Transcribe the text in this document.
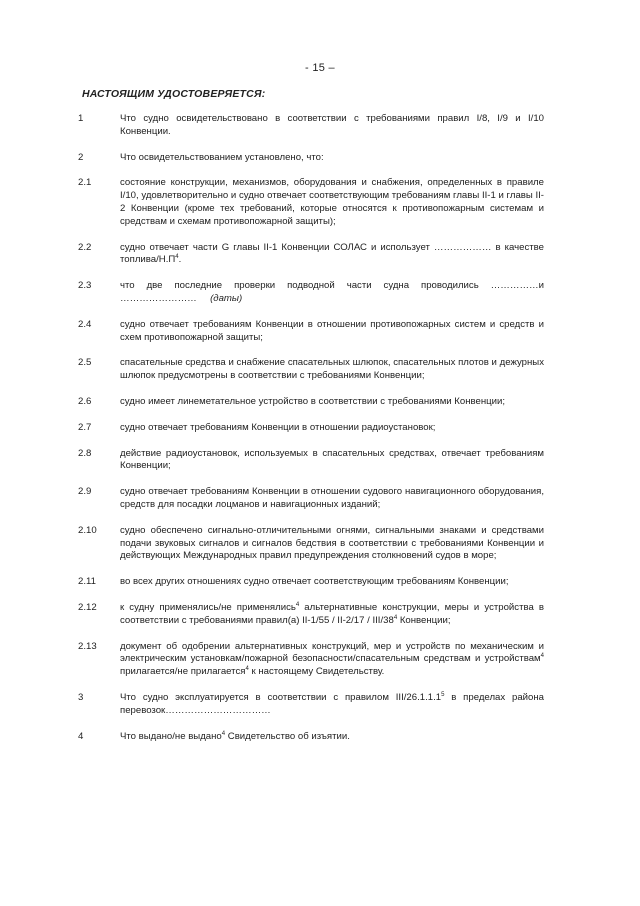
- 15 –
НАСТОЯЩИМ УДОСТОВЕРЯЕТСЯ:
1	Что судно освидетельствовано в соответствии с требованиями правил I/8, I/9 и I/10 Конвенции.
2	Что освидетельствованием установлено, что:
2.1	состояние конструкции, механизмов, оборудования и снабжения, определенных в правиле I/10, удовлетворительно и судно отвечает соответствующим требованиям главы II-1 и главы II-2 Конвенции (кроме тех требований, которые относятся к противопожарным системам и средствам и схемам противопожарной защиты);
2.2	судно отвечает части G главы II-1 Конвенции СОЛАС и использует ……………… в качестве топлива/$Н.П^4$.
2.3	что две последние проверки подводной части судна проводились ……………и …………………… (даты)
2.4	судно отвечает требованиям Конвенции в отношении противопожарных систем и средств и схем противопожарной защиты;
2.5	спасательные средства и снабжение спасательных шлюпок, спасательных плотов и дежурных шлюпок предусмотрены в соответствии с требованиями Конвенции;
2.6	судно имеет линеметательное устройство в соответствии с требованиями Конвенции;
2.7	судно отвечает требованиям Конвенции в отношении радиоустановок;
2.8	действие радиоустановок, используемых в спасательных средствах, отвечает требованиям Конвенции;
2.9	судно отвечает требованиям Конвенции в отношении судового навигационного оборудования, средств для посадки лоцманов и навигационных изданий;
2.10 судно обеспечено сигнально-отличительными огнями, сигнальными знаками и средствами подачи звуковых сигналов и сигналов бедствия в соответствии с требованиями Конвенции и действующих Международных правил предупреждения столкновений судов в море;
2.11	во всех других отношениях судно отвечает соответствующим требованиям Конвенции;
2.12 к судну применялись/не применялись$^4$ альтернативные конструкции, меры и устройства в соответствии с требованиями правил(а) II-1/55 / II-2/17 / III/$38^4$ Конвенции;
2.13 документ об одобрении альтернативных конструкций, мер и устройств по механическим и электрическим установкам/пожарной безопасности/спасательным средствам и устройствам$^4$ прилагается/не прилагается$^4$ к настоящему Свидетельству.
3	Что судно эксплуатируется в соответствии с правилом III/26.1.1.1$^5$ в пределах района перевозок……………………………
4	Что выдано/не выдано$^4$ Свидетельство об изъятии.
